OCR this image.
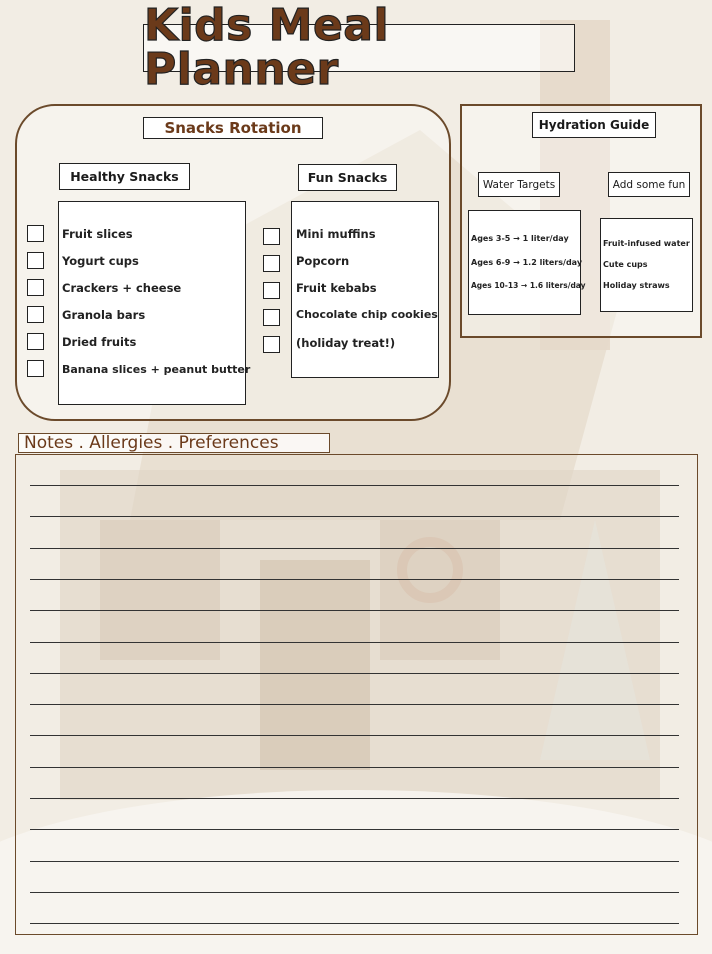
Kids Meal Planner
Snacks Rotation
Healthy Snacks	Fun Snacks
Fruit slices
Yogurt cups
Crackers + cheese
Granola bars
Dried fruits
Banana slices + peanut butter
Mini muffins
Popcorn
Fruit kebabs
Chocolate chip cookies
(holiday treat!)
Hydration Guide
Water Targets	Add some fun
Ages 3-5 → 1 liter/day
Ages 6-9 → 1.2 liters/day
Ages 10-13 → 1.6 liters/day
Fruit-infused water
Cute cups
Holiday straws
Notes . Allergies . Preferences
